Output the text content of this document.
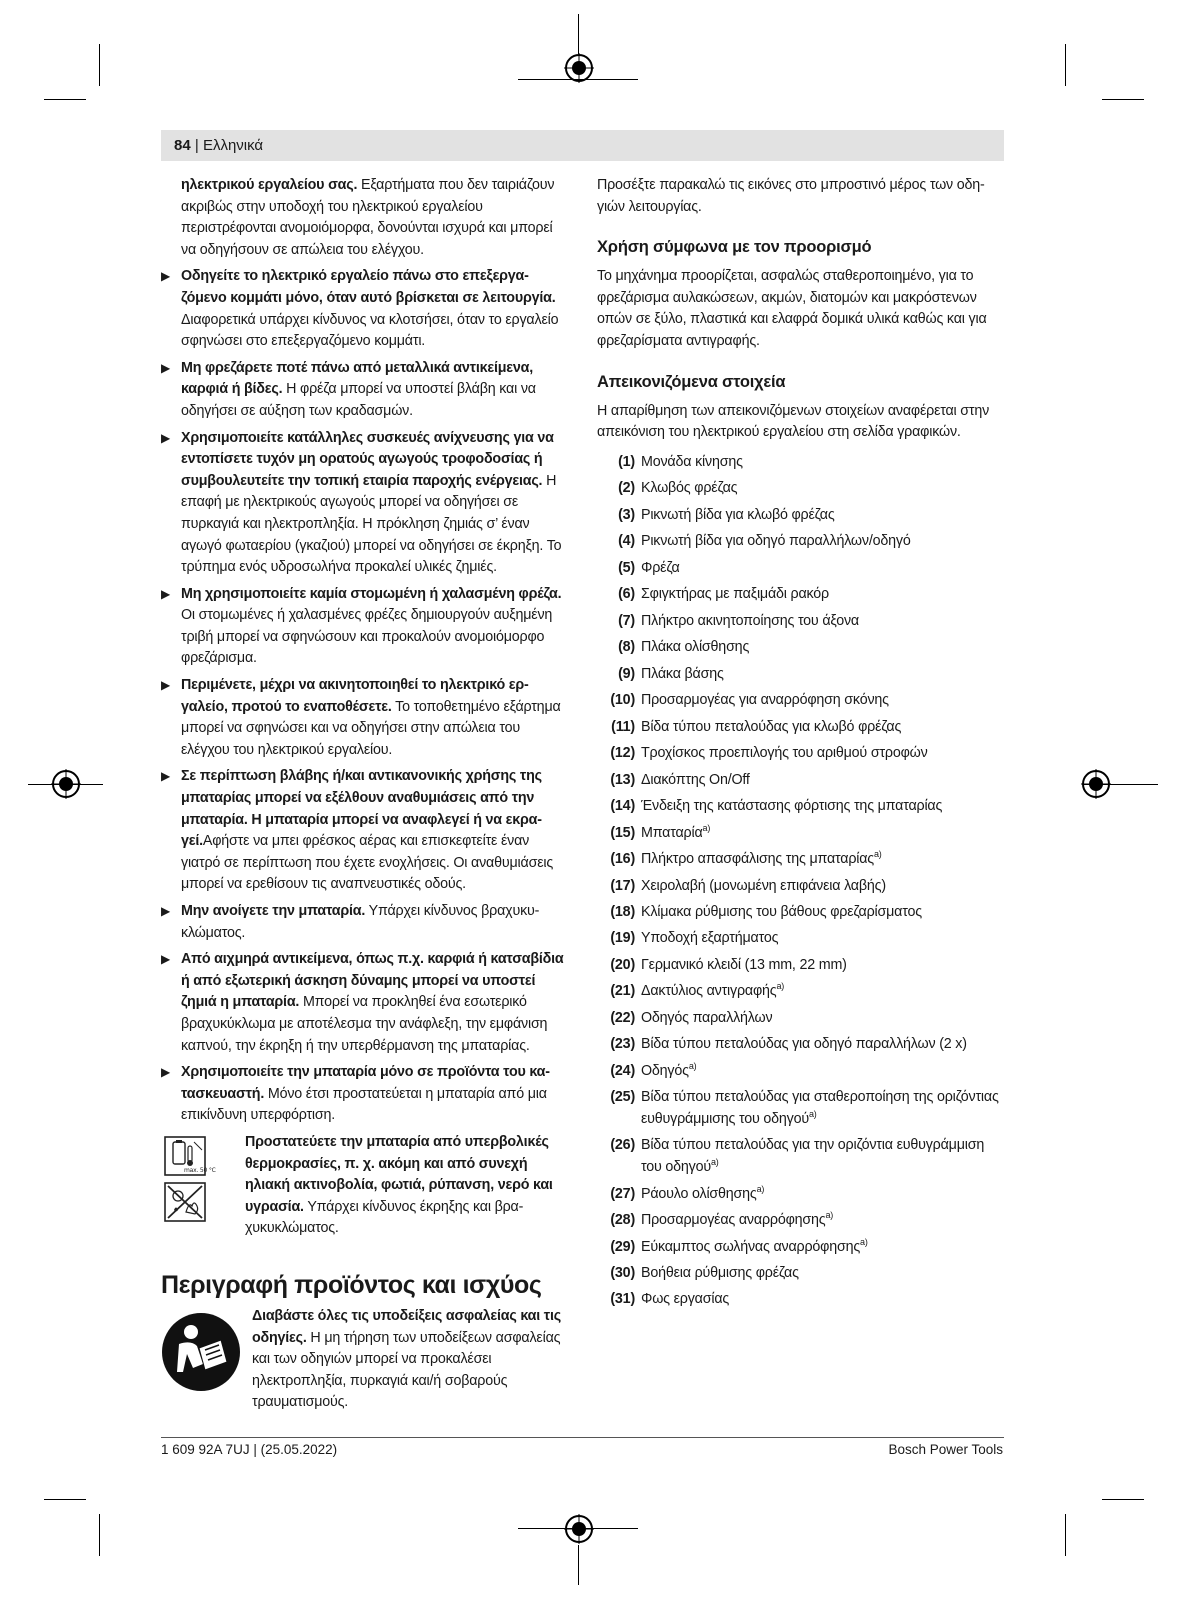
84 | Ελληνικά

ηλεκτρικού εργαλείου σας. Εξαρτήματα που δεν ταιριάζουν ακριβώς στην υποδοχή του ηλεκτρικού εργαλείου περιστρέφονται ανομοιόμορφα, δονούνται ισχυρά και μπορεί να οδηγήσουν σε απώλεια του ελέγχου.

▶ Οδηγείτε το ηλεκτρικό εργαλείο πάνω στο επεξεργαζόμενο κομμάτι μόνο, όταν αυτό βρίσκεται σε λειτουργία. Διαφορετικά υπάρχει κίνδυνος να κλοτσήσει, όταν το εργαλείο σφηνώσει στο επεξεργαζόμενο κομμάτι.

▶ Μη φρεζάρετε ποτέ πάνω από μεταλλικά αντικείμενα, καρφιά ή βίδες. Η φρέζα μπορεί να υποστεί βλάβη και να οδηγήσει σε αύξηση των κραδασμών.

▶ Χρησιμοποιείτε κατάλληλες συσκευές ανίχνευσης για να εντοπίσετε τυχόν μη ορατούς αγωγούς τροφοδοσίας ή συμβουλευτείτε την τοπική εταιρία παροχής ενέργειας. Η επαφή με ηλεκτρικούς αγωγούς μπορεί να οδηγήσει σε πυρκαγιά και ηλεκτροπληξία. Η πρόκληση ζημιάς σ’ έναν αγωγό φωταερίου (γκαζιού) μπορεί να οδηγήσει σε έκρηξη. Το τρύπημα ενός υδροσωλήνα προκαλεί υλικές ζημιές.

▶ Μη χρησιμοποιείτε καμία στομωμένη ή χαλασμένη φρέζα. Οι στομωμένες ή χαλασμένες φρέζες δημιουργούν αυξημένη τριβή μπορεί να σφηνώσουν και προκαλούν ανομοιόμορφο φρεζάρισμα.

▶ Περιμένετε, μέχρι να ακινητοποιηθεί το ηλεκτρικό εργαλείο, προτού το εναποθέσετε. Το τοποθετημένο εξάρτημα μπορεί να σφηνώσει και να οδηγήσει στην απώλεια του ελέγχου του ηλεκτρικού εργαλείου.

▶ Σε περίπτωση βλάβης ή/και αντικανονικής χρήσης της μπαταρίας μπορεί να εξέλθουν αναθυμιάσεις από την μπαταρία. Η μπαταρία μπορεί να αναφλεγεί ή να εκραγεί.Αφήστε να μπει φρέσκος αέρας και επισκεφτείτε έναν γιατρό σε περίπτωση που έχετε ενοχλήσεις. Οι αναθυμιάσεις μπορεί να ερεθίσουν τις αναπνευστικές οδούς.

▶ Μην ανοίγετε την μπαταρία. Υπάρχει κίνδυνος βραχυκυκλώματος.

▶ Από αιχμηρά αντικείμενα, όπως π.χ. καρφιά ή κατσαβίδια ή από εξωτερική άσκηση δύναμης μπορεί να υποστεί ζημιά η μπαταρία. Μπορεί να προκληθεί ένα εσωτερικό βραχυκύκλωμα με αποτέλεσμα την ανάφλεξη, την εμφάνιση καπνού, την έκρηξη ή την υπερθέρμανση της μπαταρίας.

▶ Χρησιμοποιείτε την μπαταρία μόνο σε προϊόντα του κατασκευαστή. Μόνο έτσι προστατεύεται η μπαταρία από μια επικίνδυνη υπερφόρτιση.

max. 50 °C

Προστατεύετε την μπαταρία από υπερβολικές θερμοκρασίες, π. χ. ακόμη και από συνεχή ηλιακή ακτινοβολία, φωτιά, ρύπανση, νερό και υγρασία. Υπάρχει κίνδυνος έκρηξης και βραχυκυκλώματος.

Περιγραφή προϊόντος και ισχύος

Διαβάστε όλες τις υποδείξεις ασφαλείας και τις οδηγίες. Η μη τήρηση των υποδείξεων ασφαλείας και των οδηγιών μπορεί να προκαλέσει ηλεκτροπληξία, πυρκαγιά και/ή σοβαρούς τραυματισμούς.

Προσέξτε παρακαλώ τις εικόνες στο μπροστινό μέρος των οδηγιών λειτουργίας.

Χρήση σύμφωνα με τον προορισμό

Το μηχάνημα προορίζεται, ασφαλώς σταθεροποιημένο, για το φρεζάρισμα αυλακώσεων, ακμών, διατομών και μακρόστενων οπών σε ξύλο, πλαστικά και ελαφρά δομικά υλικά καθώς και για φρεζαρίσματα αντιγραφής.

Απεικονιζόμενα στοιχεία

Η απαρίθμηση των απεικονιζόμενων στοιχείων αναφέρεται στην απεικόνιση του ηλεκτρικού εργαλείου στη σελίδα γραφικών.

(1) Μονάδα κίνησης
(2) Κλωβός φρέζας
(3) Ρικνωτή βίδα για κλωβό φρέζας
(4) Ρικνωτή βίδα για οδηγό παραλλήλων/οδηγό
(5) Φρέζα
(6) Σφιγκτήρας με παξιμάδι ρακόρ
(7) Πλήκτρο ακινητοποίησης του άξονα
(8) Πλάκα ολίσθησης
(9) Πλάκα βάσης
(10) Προσαρμογέας για αναρρόφηση σκόνης
(11) Βίδα τύπου πεταλούδας για κλωβό φρέζας
(12) Τροχίσκος προεπιλογής του αριθμού στροφών
(13) Διακόπτης On/Off
(14) Ένδειξη της κατάστασης φόρτισης της μπαταρίας
(15) Μπαταρία$^{a)}$
(16) Πλήκτρο απασφάλισης της μπαταρίας$^{a)}$
(17) Χειρολαβή (μονωμένη επιφάνεια λαβής)
(18) Κλίμακα ρύθμισης του βάθους φρεζαρίσματος
(19) Υποδοχή εξαρτήματος
(20) Γερμανικό κλειδί (13 mm, 22 mm)
(21) Δακτύλιος αντιγραφής$^{a)}$
(22) Οδηγός παραλλήλων
(23) Βίδα τύπου πεταλούδας για οδηγό παραλλήλων (2 x)
(24) Οδηγός$^{a)}$
(25) Βίδα τύπου πεταλούδας για σταθεροποίηση της οριζόντιας ευθυγράμμισης του οδηγού$^{a)}$
(26) Βίδα τύπου πεταλούδας για την οριζόντια ευθυγράμμιση του οδηγού$^{a)}$
(27) Ράουλο ολίσθησης$^{a)}$
(28) Προσαρμογέας αναρρόφησης$^{a)}$
(29) Εύκαμπτος σωλήνας αναρρόφησης$^{a)}$
(30) Βοήθεια ρύθμισης φρέζας
(31) Φως εργασίας
1 609 92A 7UJ | (25.05.2022)	Bosch Power Tools
